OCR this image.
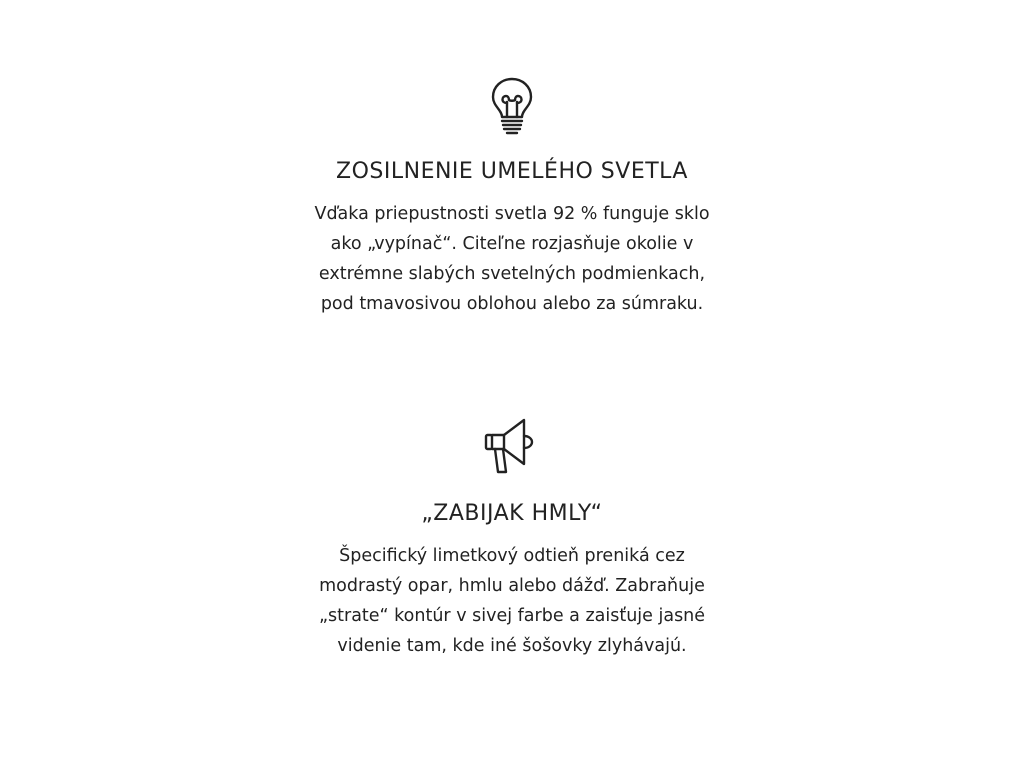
ZOSILNENIE UMELÉHO SVETLA
Vďaka priepustnosti svetla 92 % funguje sklo ako „vypínač“. Citeľne rozjasňuje okolie v extrémne slabých svetelných podmienkach, pod tmavosivou oblohou alebo za súmraku.
„ZABIJAK HMLY“
Špecifický limetkový odtieň preniká cez modrastý opar, hmlu alebo dážď. Zabraňuje „strate“ kontúr v sivej farbe a zaisťuje jasné videnie tam, kde iné šošovky zlyhávajú.
